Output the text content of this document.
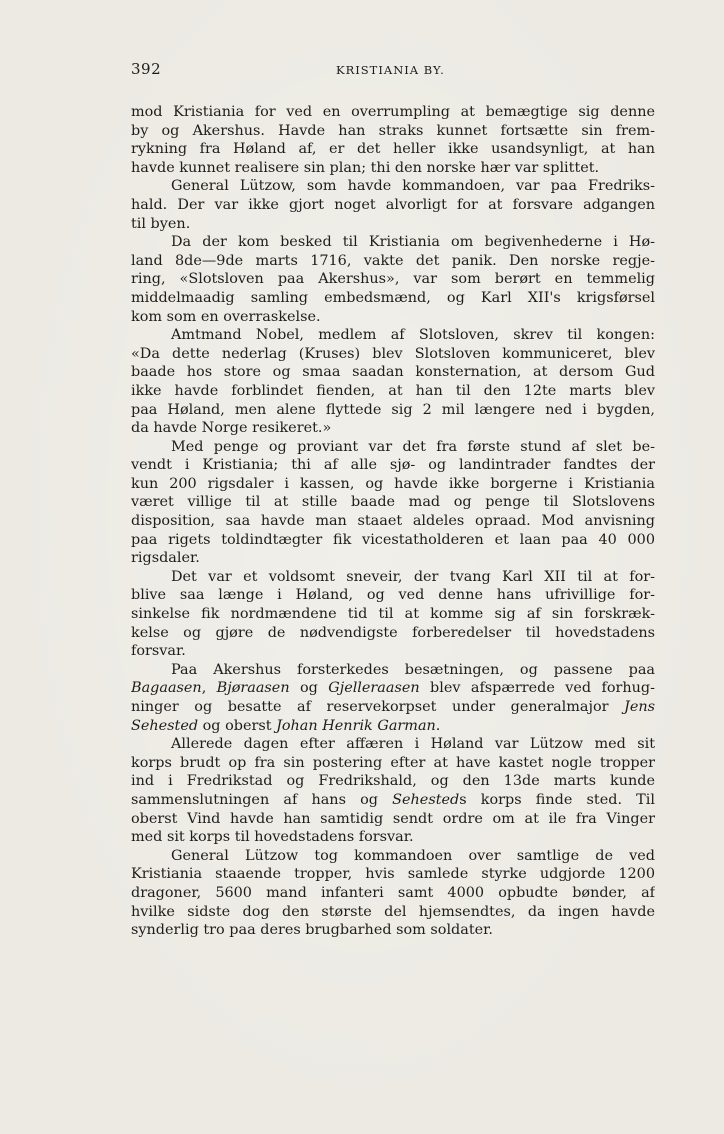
392	KRISTIANIA BY.
mod Kristiania for ved en overrumpling at bemægtige sig denne
by og Akershus. Havde han straks kunnet fortsætte sin frem-
rykning fra Høland af, er det heller ikke usandsynligt, at han
havde kunnet realisere sin plan; thi den norske hær var splittet.
General Lützow, som havde kommandoen, var paa Fredriks-
hald. Der var ikke gjort noget alvorligt for at forsvare adgangen
til byen.
Da der kom besked til Kristiania om begivenhederne i Hø-
land 8de—9de marts 1716, vakte det panik. Den norske regje-
ring, «Slotsloven paa Akershus», var som berørt en temmelig
middelmaadig samling embedsmænd, og Karl XII's krigsførsel
kom som en overraskelse.
Amtmand Nobel, medlem af Slotsloven, skrev til kongen:
«Da dette nederlag (Kruses) blev Slotsloven kommuniceret, blev
baade hos store og smaa saadan konsternation, at dersom Gud
ikke havde forblindet fienden, at han til den 12te marts blev
paa Høland, men alene flyttede sig 2 mil længere ned i bygden,
da havde Norge resikeret.»
Med penge og proviant var det fra første stund af slet be-
vendt i Kristiania; thi af alle sjø- og landintrader fandtes der
kun 200 rigsdaler i kassen, og havde ikke borgerne i Kristiania
været villige til at stille baade mad og penge til Slotslovens
disposition, saa havde man staaet aldeles opraad. Mod anvisning
paa rigets toldindtægter fik vicestatholderen et laan paa 40 000
rigsdaler.
Det var et voldsomt sneveir, der tvang Karl XII til at for-
blive saa længe i Høland, og ved denne hans ufrivillige for-
sinkelse fik nordmændene tid til at komme sig af sin forskræk-
kelse og gjøre de nødvendigste forberedelser til hovedstadens
forsvar.
Paa Akershus forsterkedes besætningen, og passene paa
Bagaasen, Bjøraasen og Gjelleraasen blev afspærrede ved forhug-
ninger og besatte af reservekorpset under generalmajor Jens
Sehested og oberst Johan Henrik Garman.
Allerede dagen efter affæren i Høland var Lützow med sit
korps brudt op fra sin postering efter at have kastet nogle tropper
ind i Fredrikstad og Fredrikshald, og den 13de marts kunde
sammenslutningen af hans og Sehesteds korps finde sted. Til
oberst Vind havde han samtidig sendt ordre om at ile fra Vinger
med sit korps til hovedstadens forsvar.
General Lützow tog kommandoen over samtlige de ved
Kristiania staaende tropper, hvis samlede styrke udgjorde 1200
dragoner, 5600 mand infanteri samt 4000 opbudte bønder, af
hvilke sidste dog den største del hjemsendtes, da ingen havde
synderlig tro paa deres brugbarhed som soldater.
